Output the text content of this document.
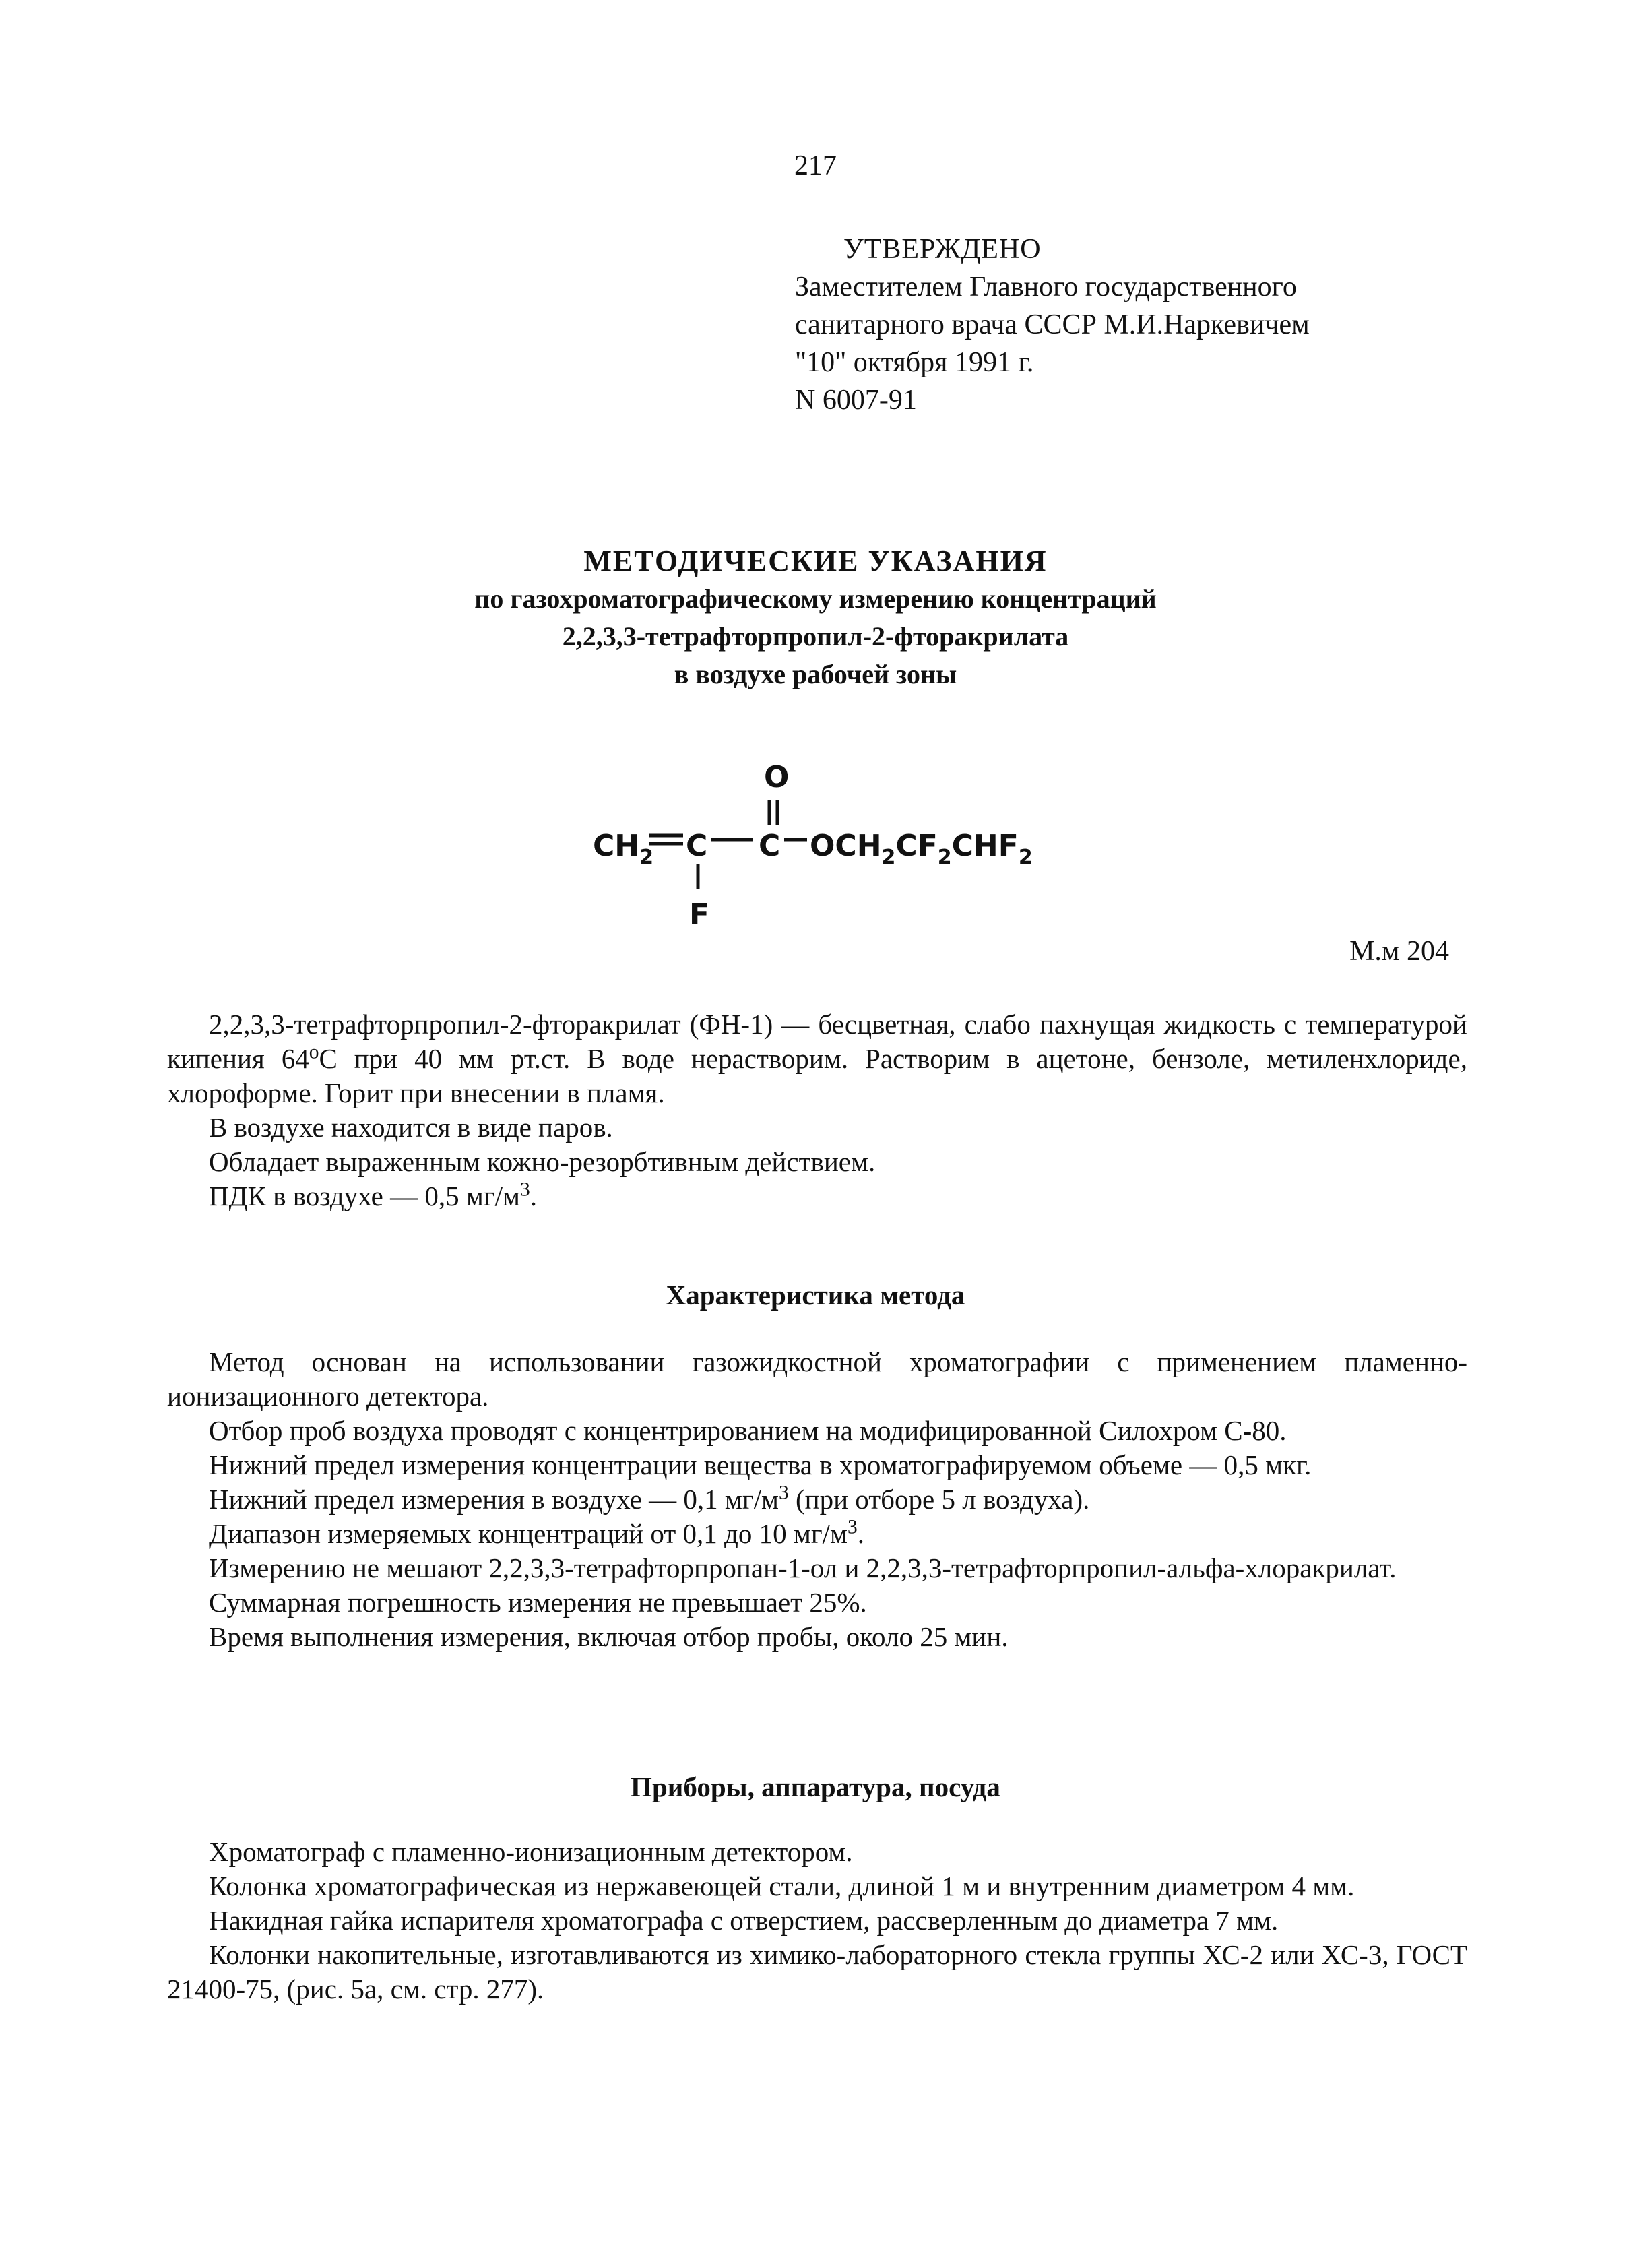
217
УТВЕРЖДЕНО
Заместителем Главного государственного
санитарного врача СССР М.И.Наркевичем
"10" октября 1991 г.
N 6007-91
МЕТОДИЧЕСКИЕ УКАЗАНИЯ
по газохроматографическому измерению концентраций
2,2,3,3-тетрафторпропил-2-фторакрилата
в воздухе рабочей зоны
O
$CH_2$ C C $OCH_2CF_2CHF_2$
F
М.м 204

2,2,3,3-тетрафторпропил-2-фторакрилат (ФН-1) — бесцветная, слабо пахнущая жидкость с температурой кипения $64^оС$ при 40 мм рт.ст. В воде нерастворим. Растворим в ацетоне, бензоле, метиленхлориде, хлороформе. Горит при внесении в пламя.

В воздухе находится в виде паров.

Обладает выраженным кожно-резорбтивным действием.

ПДК в воздухе — 0,5 $мг/м^3$.

Характеристика метода

Метод основан на использовании газожидкостной хроматографии с применением пламенно-ионизационного детектора.

Отбор проб воздуха проводят с концентрированием на модифицированной Силохром С-80.

Нижний предел измерения концентрации вещества в хроматографируемом объеме — 0,5 мкг.

Нижний предел измерения в воздухе — 0,1 $мг/м^3$ (при отборе 5 л воздуха).

Диапазон измеряемых концентраций от 0,1 до 10 $мг/м^3$.

Измерению не мешают 2,2,3,3-тетрафторпропан-1-ол и 2,2,3,3-тетрафторпропил-альфа-хлоракрилат.

Суммарная погрешность измерения не превышает 25%.

Время выполнения измерения, включая отбор пробы, около 25 мин.

Приборы, аппаратура, посуда

Хроматограф с пламенно-ионизационным детектором.

Колонка хроматографическая из нержавеющей стали, длиной 1 м и внутренним диаметром 4 мм.

Накидная гайка испарителя хроматографа с отверстием, рассверленным до диаметра 7 мм.

Колонки накопительные, изготавливаются из химико-лабораторного стекла группы ХС-2 или ХС-3, ГОСТ 21400-75, (рис. 5а, см. стр. 277).
